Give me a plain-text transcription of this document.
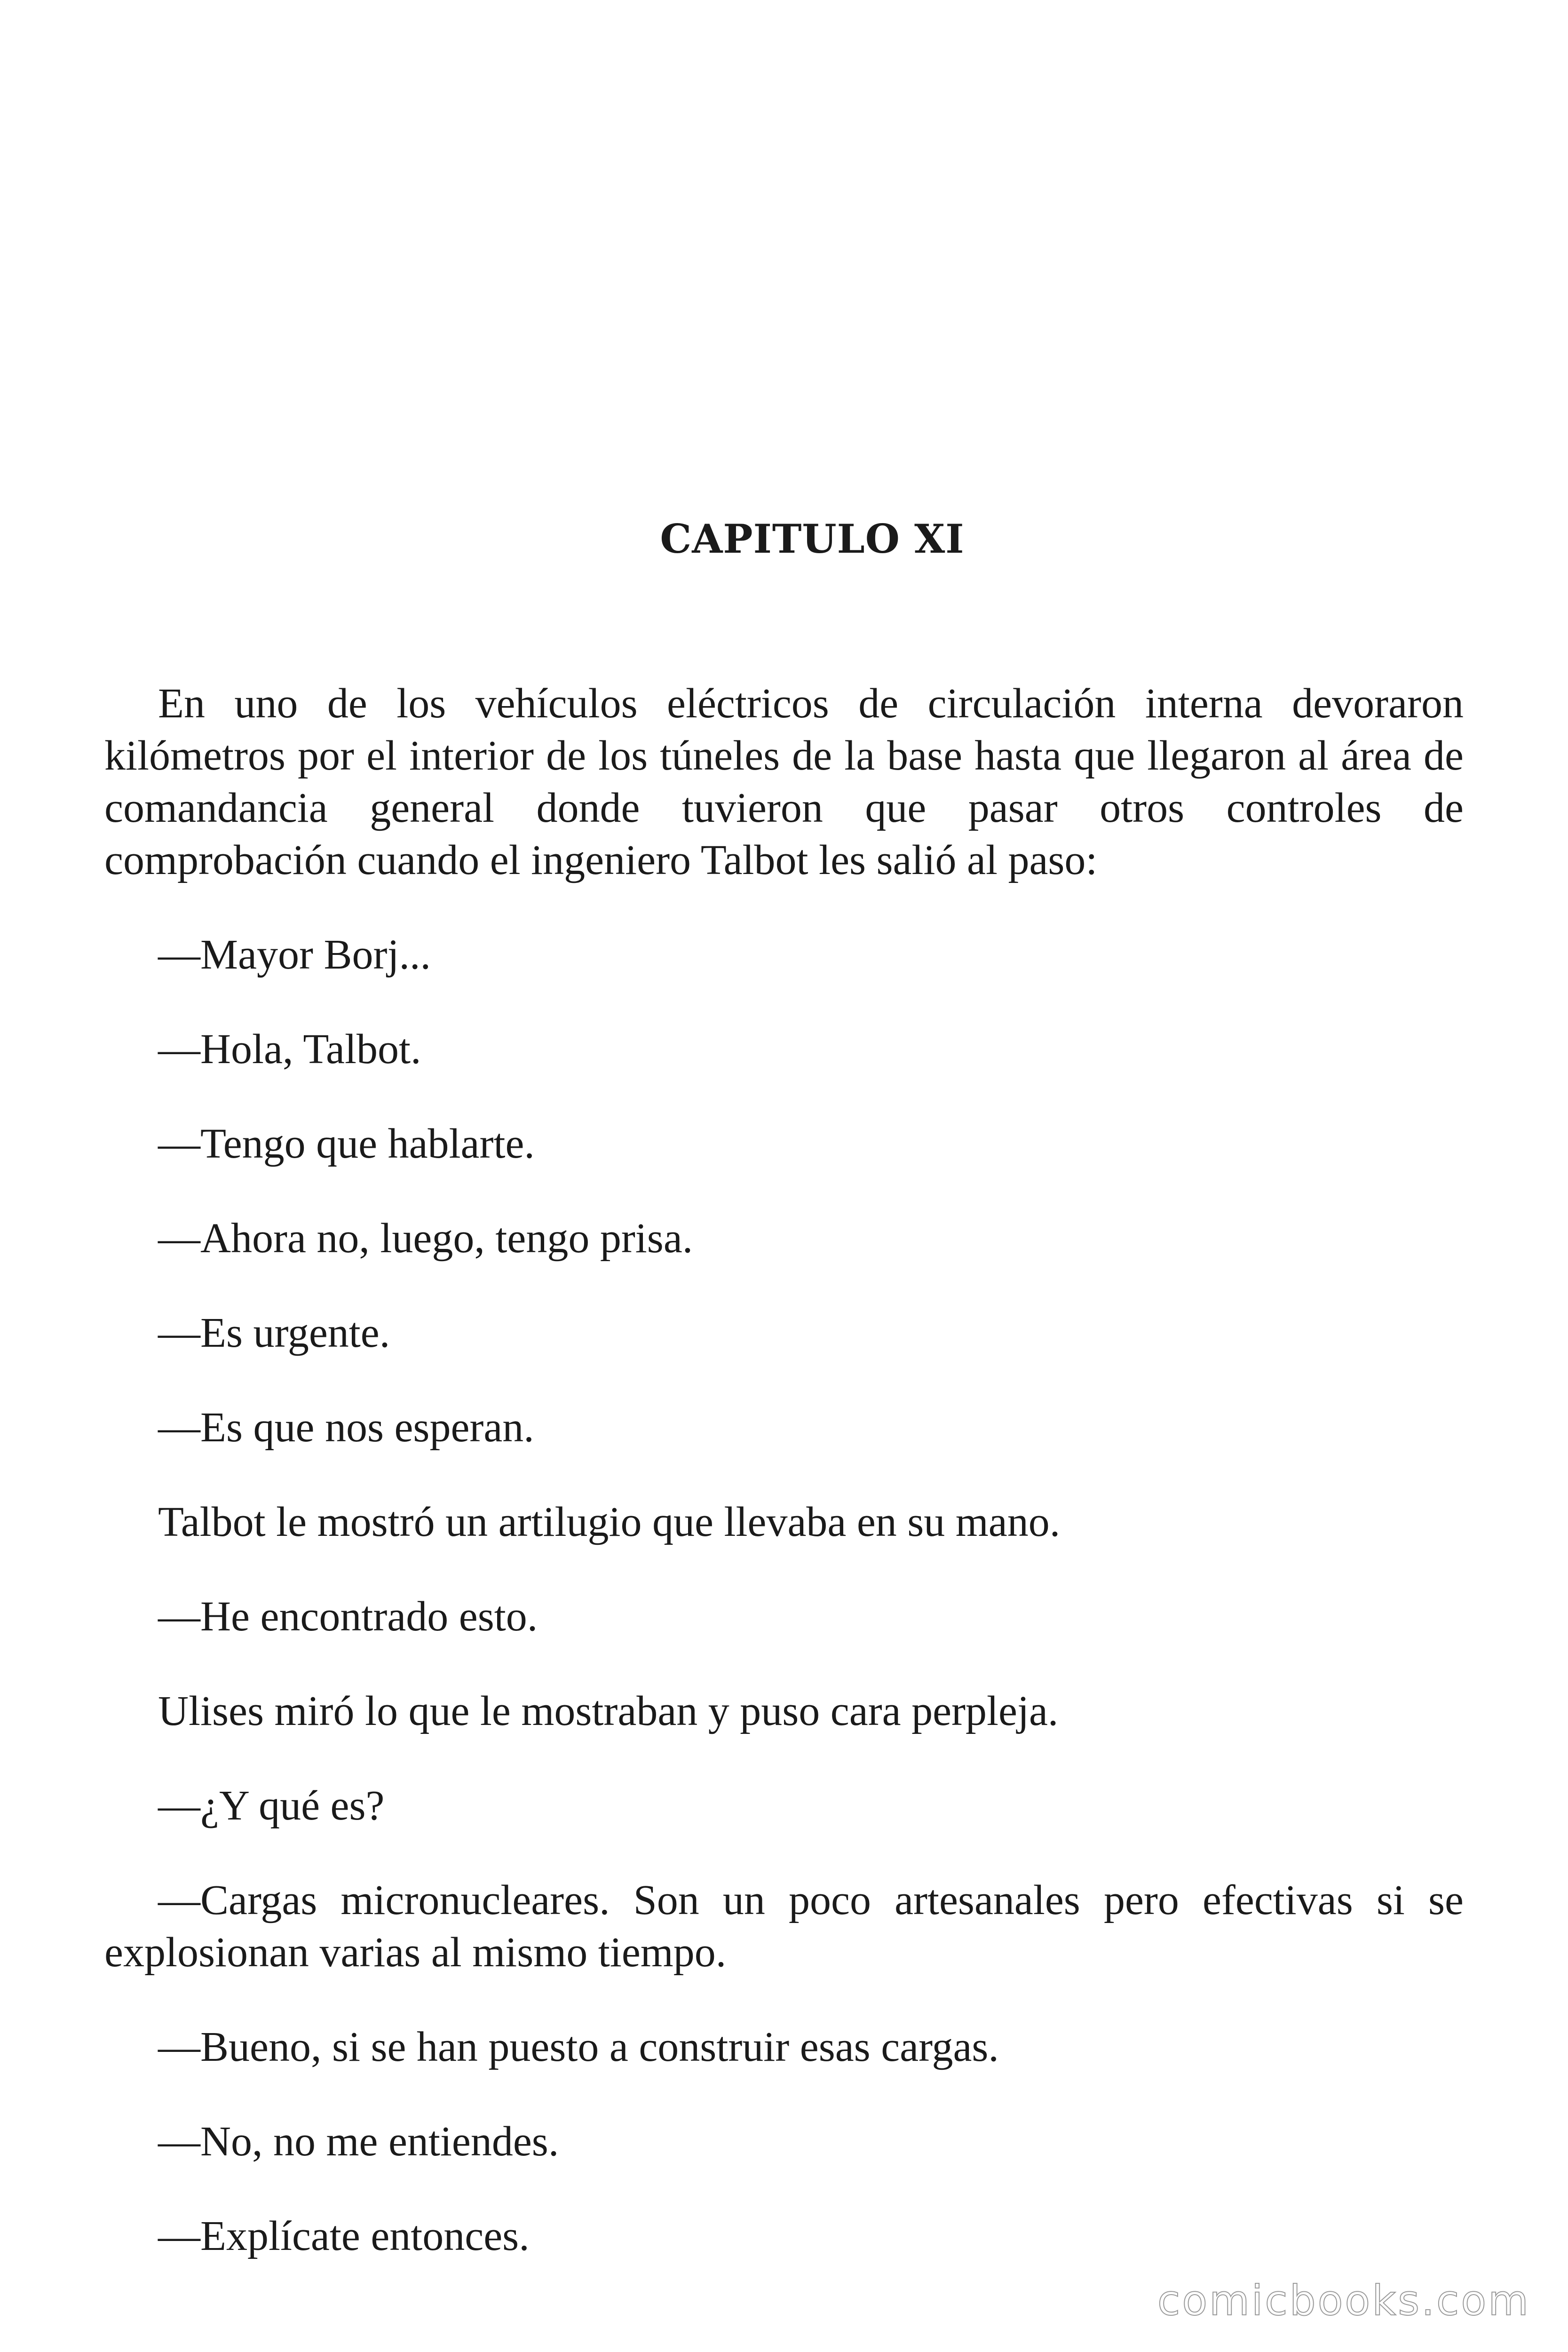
CAPITULO XI

En uno de los vehículos eléctricos de circulación interna devoraron kilómetros por el interior de los túneles de la base hasta que llegaron al área de comandancia general donde tuvieron que pasar otros controles de comprobación cuando el ingeniero Talbot les salió al paso:

—Mayor Borj...

—Hola, Talbot.

—Tengo que hablarte.

—Ahora no, luego, tengo prisa.

—Es urgente.

—Es que nos esperan.

Talbot le mostró un artilugio que llevaba en su mano.

—He encontrado esto.

Ulises miró lo que le mostraban y puso cara perpleja.

—¿Y qué es?

—Cargas micronucleares. Son un poco artesanales pero efectivas si se explosionan varias al mismo tiempo.

—Bueno, si se han puesto a construir esas cargas.

—No, no me entiendes.

—Explícate entonces.

comicbooks.com
